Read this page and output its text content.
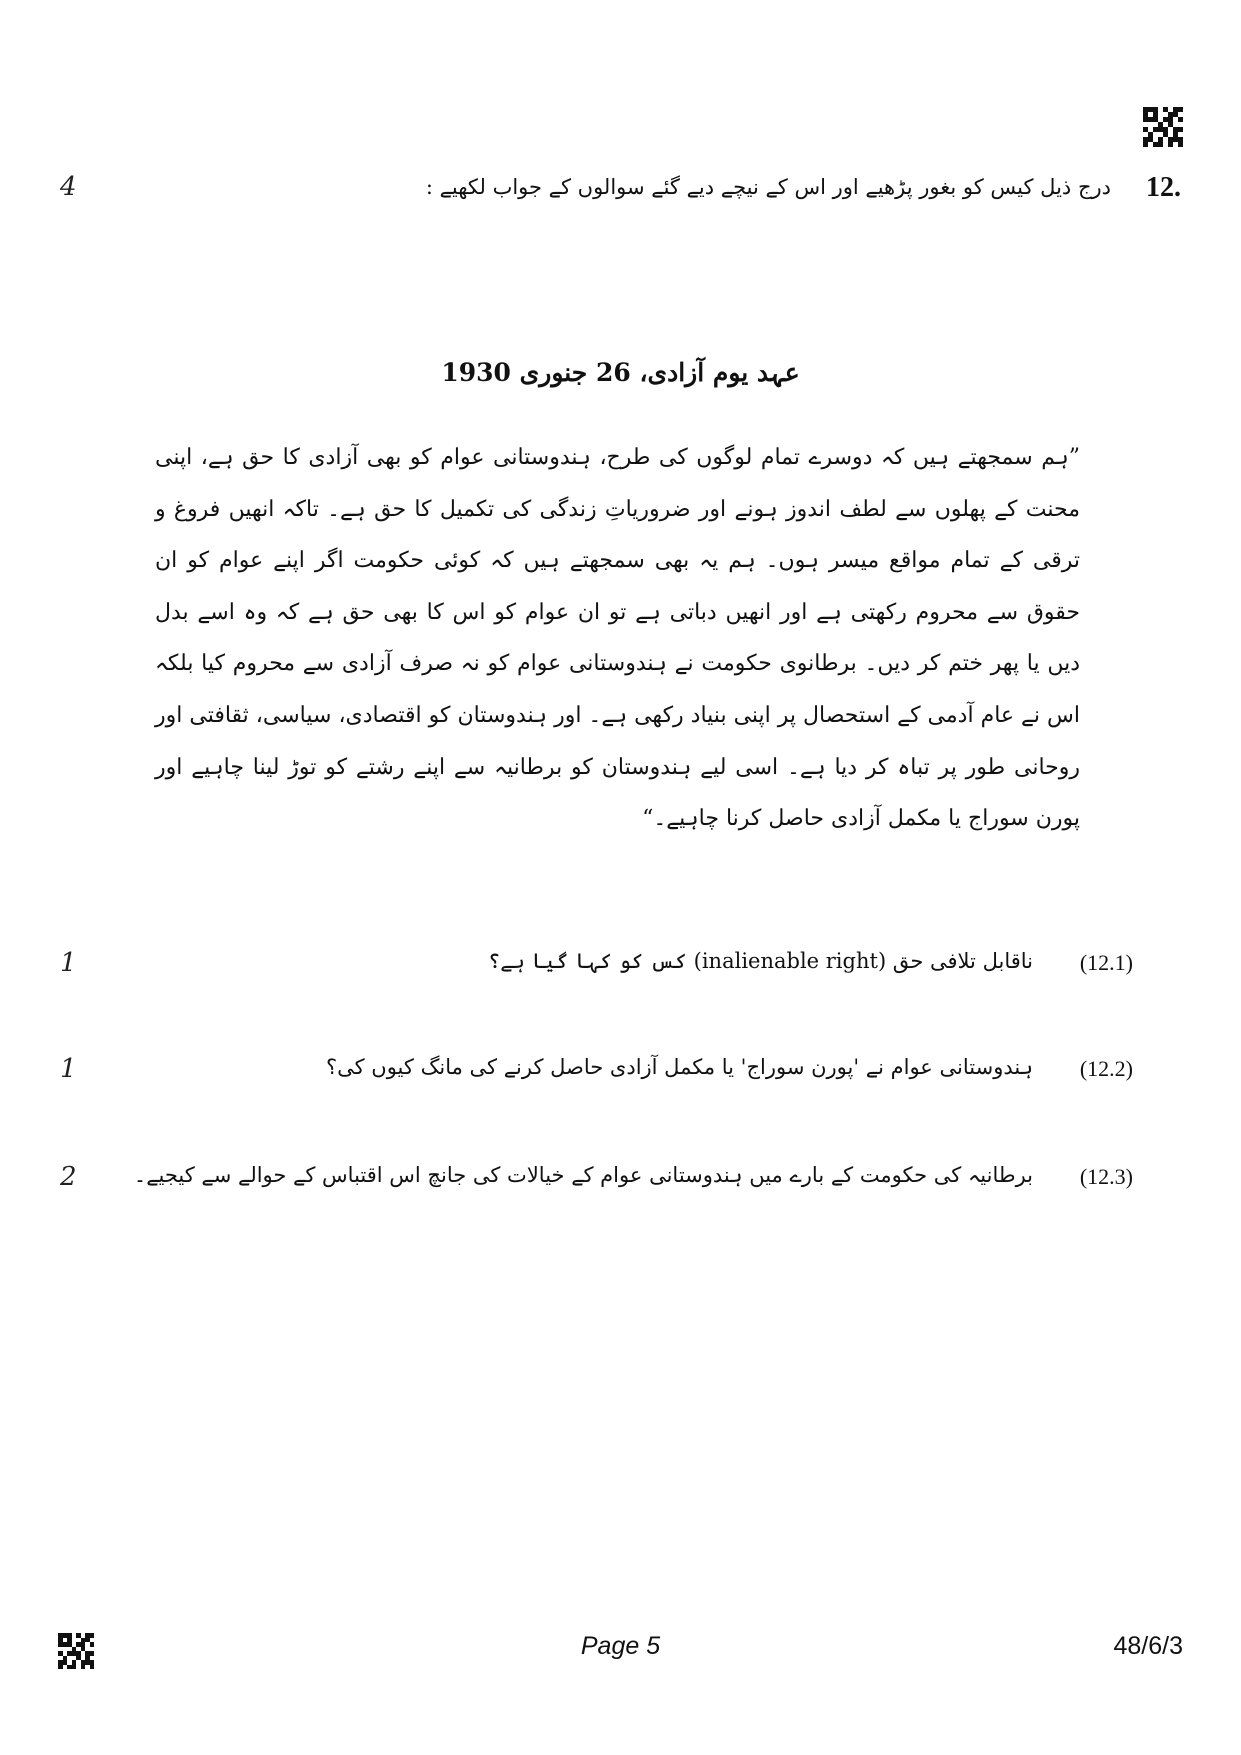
4	درج ذیل کیس کو بغور پڑھیے اور اس کے نیچے دیے گئے سوالوں کے جواب لکھیے : 12.
عہد یوم آزادی، 26 جنوری 1930
”ہم سمجھتے ہیں کہ دوسرے تمام لوگوں کی طرح، ہندوستانی عوام کو بھی آزادی کا حق ہے، اپنی محنت کے پھلوں سے لطف اندوز ہونے اور ضروریاتِ زندگی کی تکمیل کا حق ہے۔ تاکہ انھیں فروغ و ترقی کے تمام مواقع میسر ہوں۔ ہم یہ بھی سمجھتے ہیں کہ کوئی حکومت اگر اپنے عوام کو ان حقوق سے محروم رکھتی ہے اور انھیں دباتی ہے تو ان عوام کو اس کا بھی حق ہے کہ وہ اسے بدل دیں یا پھر ختم کر دیں۔ برطانوی حکومت نے ہندوستانی عوام کو نہ صرف آزادی سے محروم کیا بلکہ اس نے عام آدمی کے استحصال پر اپنی بنیاد رکھی ہے۔ اور ہندوستان کو اقتصادی، سیاسی، ثقافتی اور روحانی طور پر تباہ کر دیا ہے۔ اسی لیے ہندوستان کو برطانیہ سے اپنے رشتے کو توڑ لینا چاہیے اور پورن سوراج یا مکمل آزادی حاصل کرنا چاہیے۔“
1	ناقابل تلافی حق (inalienable right) کس کو کہا گیا ہے؟ (12.1)
1	ہندوستانی عوام نے 'پورن سوراج' یا مکمل آزادی حاصل کرنے کی مانگ کیوں کی؟ (12.2)
2	برطانیہ کی حکومت کے بارے میں ہندوستانی عوام کے خیالات کی جانچ اس اقتباس کے حوالے سے کیجیے۔ (12.3)
Page 5	48/6/3
